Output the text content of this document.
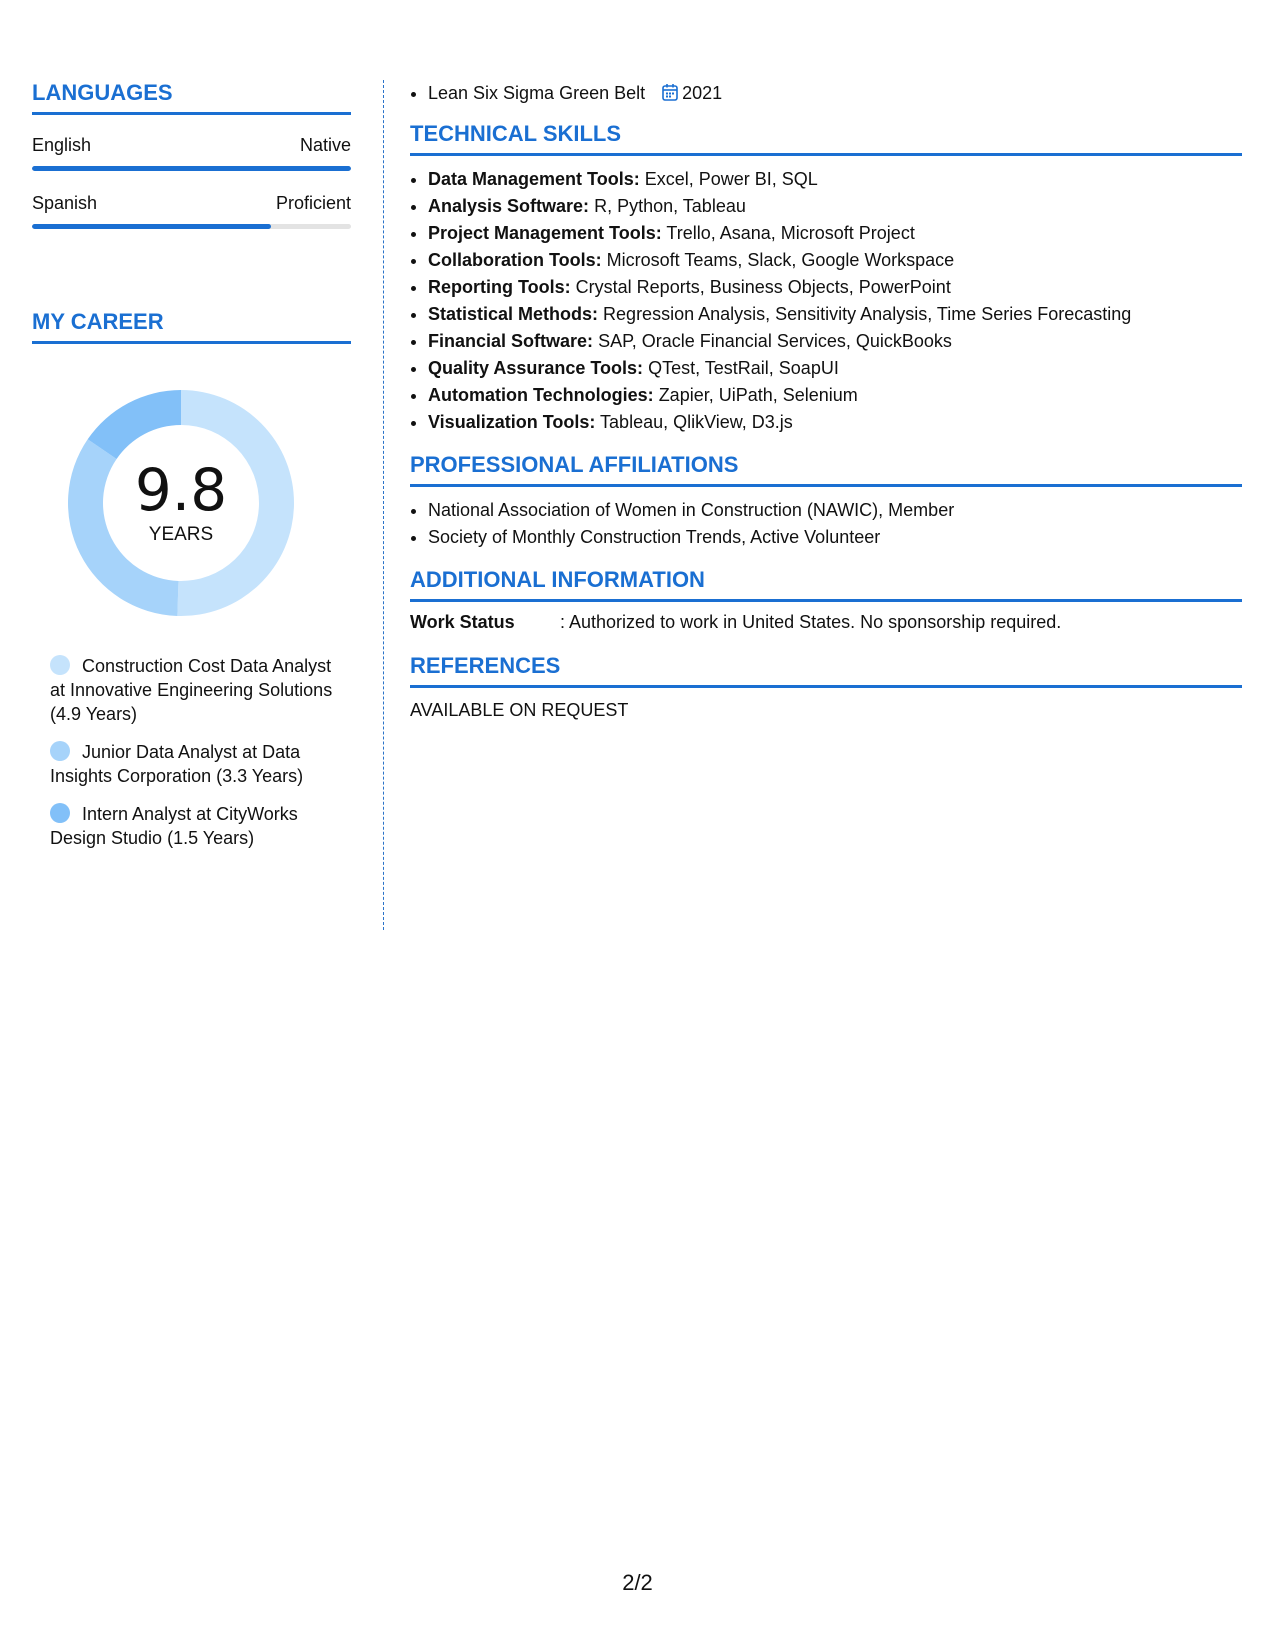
LANGUAGES
English	Native
Spanish	Proficient
MY CAREER
9.8
YEARS
Construction Cost Data Analyst at Innovative Engineering Solutions (4.9 Years)
Junior Data Analyst at Data Insights Corporation (3.3 Years)
Intern Analyst at CityWorks Design Studio (1.5 Years)
• Lean Six Sigma Green Belt 2021
TECHNICAL SKILLS
• Data Management Tools: Excel, Power BI, SQL
• Analysis Software: R, Python, Tableau
• Project Management Tools: Trello, Asana, Microsoft Project
• Collaboration Tools: Microsoft Teams, Slack, Google Workspace
• Reporting Tools: Crystal Reports, Business Objects, PowerPoint
• Statistical Methods: Regression Analysis, Sensitivity Analysis, Time Series Forecasting
• Financial Software: SAP, Oracle Financial Services, QuickBooks
• Quality Assurance Tools: QTest, TestRail, SoapUI
• Automation Technologies: Zapier, UiPath, Selenium
• Visualization Tools: Tableau, QlikView, D3.js
PROFESSIONAL AFFILIATIONS
• National Association of Women in Construction (NAWIC), Member
• Society of Monthly Construction Trends, Active Volunteer
ADDITIONAL INFORMATION
Work Status	: Authorized to work in United States. No sponsorship required.
REFERENCES
AVAILABLE ON REQUEST
2/2
